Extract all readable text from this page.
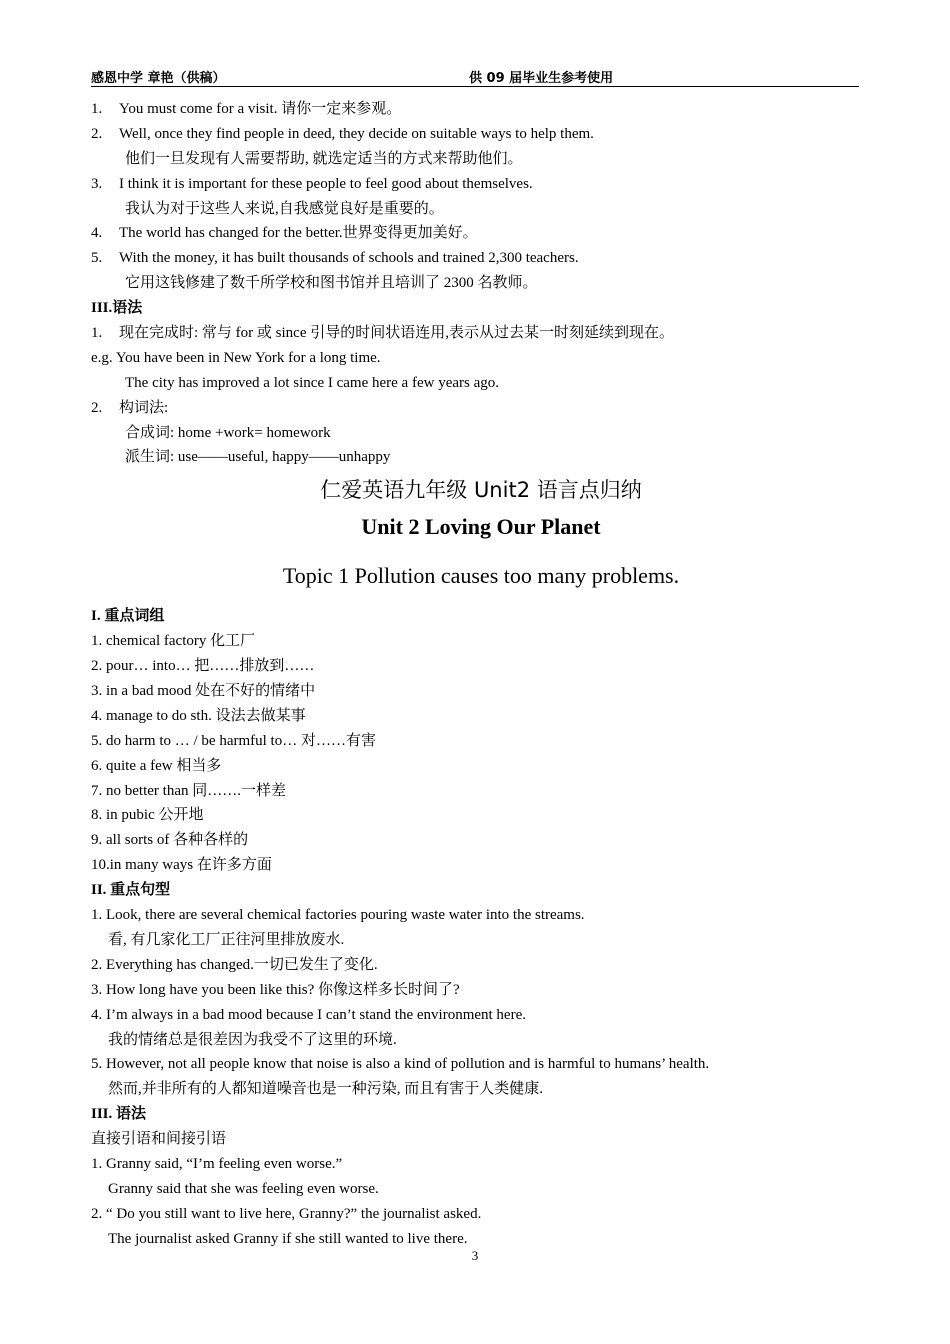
感恩中学 章艳（供稿）	供 09 届毕业生参考使用
1. You must come for a visit. 请你一定来参观。
2. Well, once they find people in deed, they decide on suitable ways to help them.
他们一旦发现有人需要帮助, 就选定适当的方式来帮助他们。
3. I think it is important for these people to feel good about themselves.
我认为对于这些人来说,自我感觉良好是重要的。
4. The world has changed for the better.世界变得更加美好。
5. With the money, it has built thousands of schools and trained 2,300 teachers.
它用这钱修建了数千所学校和图书馆并且培训了 2300 名教师。
III.语法
1. 现在完成时: 常与 for 或 since 引导的时间状语连用,表示从过去某一时刻延续到现在。
e.g. You have been in New York for a long time.
The city has improved a lot since I came here a few years ago.
2. 构词法:
合成词: home +work= homework
派生词: use——useful, happy——unhappy
仁爱英语九年级 Unit2 语言点归纳
Unit 2 Loving Our Planet
Topic 1 Pollution causes too many problems.
I. 重点词组
1. chemical factory 化工厂
2. pour… into… 把……排放到……
3. in a bad mood 处在不好的情绪中
4. manage to do sth. 设法去做某事
5. do harm to … / be harmful to… 对……有害
6. quite a few 相当多
7. no better than 同…….一样差
8. in pubic 公开地
9. all sorts of 各种各样的
10.in many ways 在许多方面
II. 重点句型
1. Look, there are several chemical factories pouring waste water into the streams.
看, 有几家化工厂正往河里排放废水.
2. Everything has changed.一切已发生了变化.
3. How long have you been like this? 你像这样多长时间了?
4. I’m always in a bad mood because I can’t stand the environment here.
我的情绪总是很差因为我受不了这里的环境.
5. However, not all people know that noise is also a kind of pollution and is harmful to humans’ health.
然而,并非所有的人都知道噪音也是一种污染, 而且有害于人类健康.
III. 语法
直接引语和间接引语
1. Granny said, “I’m feeling even worse.”
Granny said that she was feeling even worse.
2. “ Do you still want to live here, Granny?” the journalist asked.
The journalist asked Granny if she still wanted to live there.
3
